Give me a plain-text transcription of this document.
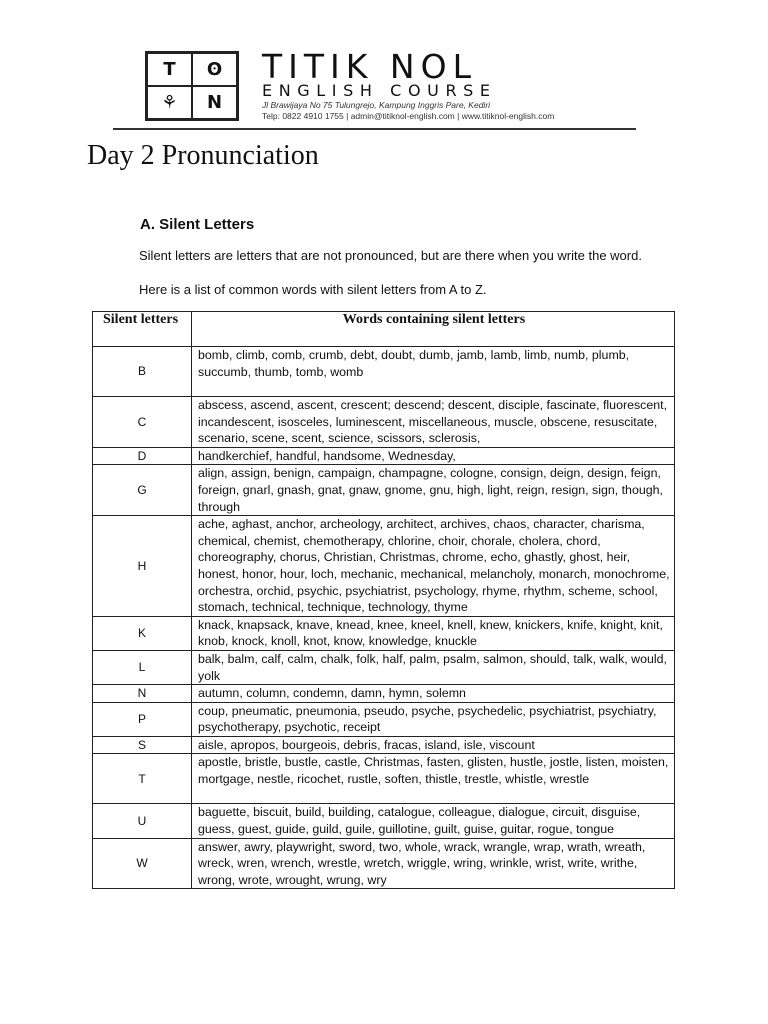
T	ʘ
⚘	N
TITIK NOL
ENGLISH COURSE
Jl Brawijaya No 75 Tulungrejo, Kampung Inggris Pare, Kediri
Telp: 0822 4910 1755 | admin@titiknol-english.com | www.titiknol-english.com
Day 2 Pronunciation
A. Silent Letters

Silent letters are letters that are not pronounced, but are there when you write the word.

Here is a list of common words with silent letters from A to Z.

Silent letters	Words containing silent letters
B	bomb, climb, comb, crumb, debt, doubt, dumb, jamb, lamb, limb, numb, plumb, succumb, thumb, tomb, womb
C	abscess, ascend, ascent, crescent; descend; descent, disciple, fascinate, fluorescent, incandescent, isosceles, luminescent, miscellaneous, muscle, obscene, resuscitate, scenario, scene, scent, science, scissors, sclerosis,
D	handkerchief, handful, handsome, Wednesday,
G	align, assign, benign, campaign, champagne, cologne, consign, deign, design, feign, foreign, gnarl, gnash, gnat, gnaw, gnome, gnu, high, light, reign, resign, sign, though, through
H	ache, aghast, anchor, archeology, architect, archives, chaos, character, charisma, chemical, chemist, chemotherapy, chlorine, choir, chorale, cholera, chord, choreography, chorus, Christian, Christmas, chrome, echo, ghastly, ghost, heir, honest, honor, hour, loch, mechanic, mechanical, melancholy, monarch, monochrome, orchestra, orchid, psychic, psychiatrist, psychology, rhyme, rhythm, scheme, school, stomach, technical, technique, technology, thyme
K	knack, knapsack, knave, knead, knee, kneel, knell, knew, knickers, knife, knight, knit, knob, knock, knoll, knot, know, knowledge, knuckle
L	balk, balm, calf, calm, chalk, folk, half, palm, psalm, salmon, should, talk, walk, would, yolk
N	autumn, column, condemn, damn, hymn, solemn
P	coup, pneumatic, pneumonia, pseudo, psyche, psychedelic, psychiatrist, psychiatry, psychotherapy, psychotic, receipt
S	aisle, apropos, bourgeois, debris, fracas, island, isle, viscount
T	apostle, bristle, bustle, castle, Christmas, fasten, glisten, hustle, jostle, listen, moisten, mortgage, nestle, ricochet, rustle, soften, thistle, trestle, whistle, wrestle
U	baguette, biscuit, build, building, catalogue, colleague, dialogue, circuit, disguise, guess, guest, guide, guild, guile, guillotine, guilt, guise, guitar, rogue, tongue
W	answer, awry, playwright, sword, two, whole, wrack, wrangle, wrap, wrath, wreath, wreck, wren, wrench, wrestle, wretch, wriggle, wring, wrinkle, wrist, write, writhe, wrong, wrote, wrought, wrung, wry
